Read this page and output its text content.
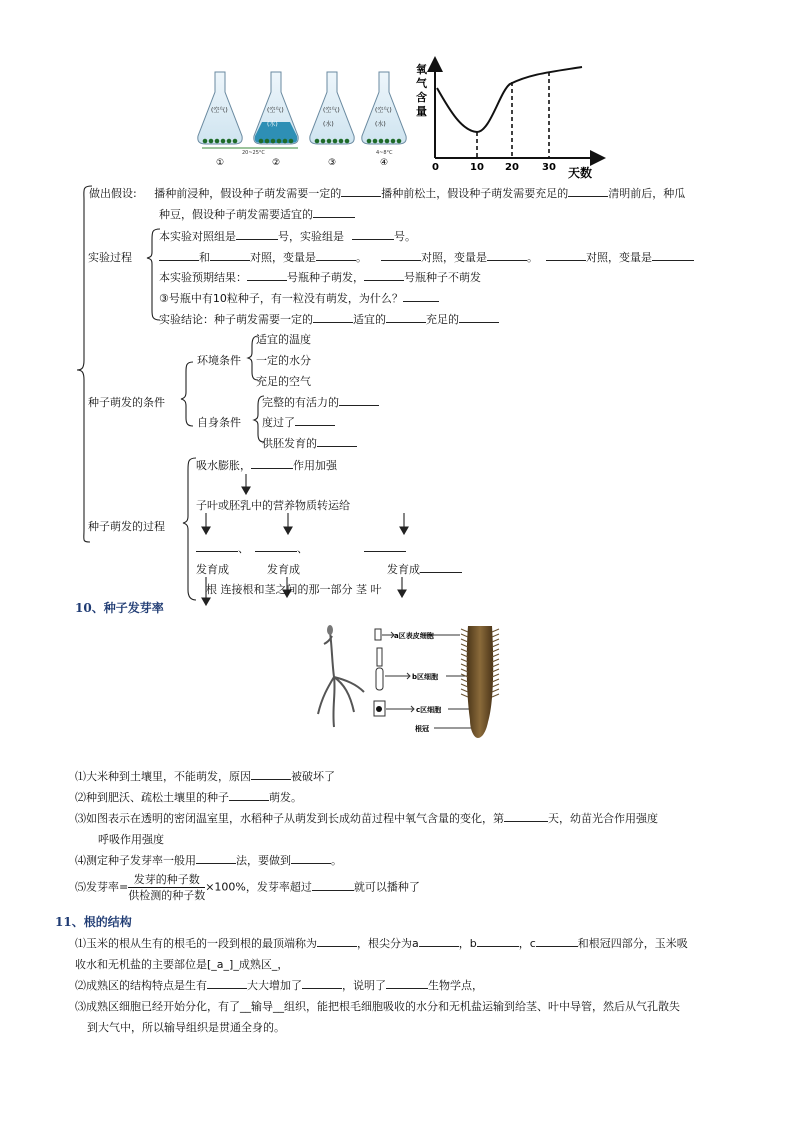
(空气)
①
(空气)
(水)
②
(空气)
(水)
③
(空气)
(水)
④
20~25°C	4~8°C
氧
气
含
量
0	10 20 30 天数
做出假设: 播种前浸种，假设种子萌发需要一定的	播种前松土，假设种子萌发需要充足的	清明前后，种瓜
种豆，假设种子萌发需要适宜的
实验过程
本实验对照组是	号，实验组是	号。
和	对照，变量是	。	对照，变量是	。	对照，变量是
本实验预期结果：	号瓶种子萌发，	号瓶种子不萌发
③号瓶中有10粒种子，有一粒没有萌发，为什么？
实验结论：种子萌发需要一定的	适宜的	充足的
种子萌发的条件
环境条件
适宜的温度
一定的水分
充足的空气
自身条件
完整的有活力的
度过了
供胚发育的
种子萌发的过程
吸水膨胀，	作用加强
子叶或胚乳中的营养物质转运给
、	、
发育成	发育成	发育成
根 连接根和茎之间的那一部分 茎 叶
10、种子发芽率
a区表皮细胞
b区细胞
c区细胞
根冠
⑴大米种到土壤里，不能萌发，原因	被破坏了
⑵种到肥沃、疏松土壤里的种子	萌发。
⑶如图表示在透明的密闭温室里，水稻种子从萌发到长成幼苗过程中氧气含量的变化，第	天，幼苗光合作用强度
呼吸作用强度
⑷测定种子发芽率一般用	法，要做到	。
⑸发芽率= $\frac{\text{发芽的种子数}}{\text{供检测的种子数}}\times 100\%$，发芽率超过	就可以播种了
11、根的结构
⑴玉米的根从生有的根毛的一段到根的最顶端称为	，根尖分为a	，b	，c	和根冠四部分，玉米吸
收水和无机盐的主要部位是[_a_]_成熟区_，
⑵成熟区的结构特点是生有	大大增加了	，说明了	生物学点，
⑶成熟区细胞已经开始分化，有了__输导__组织，能把根毛细胞吸收的水分和无机盐运输到给茎、叶中导管，然后从气孔散失
到大气中，所以输导组织是贯通全身的。
